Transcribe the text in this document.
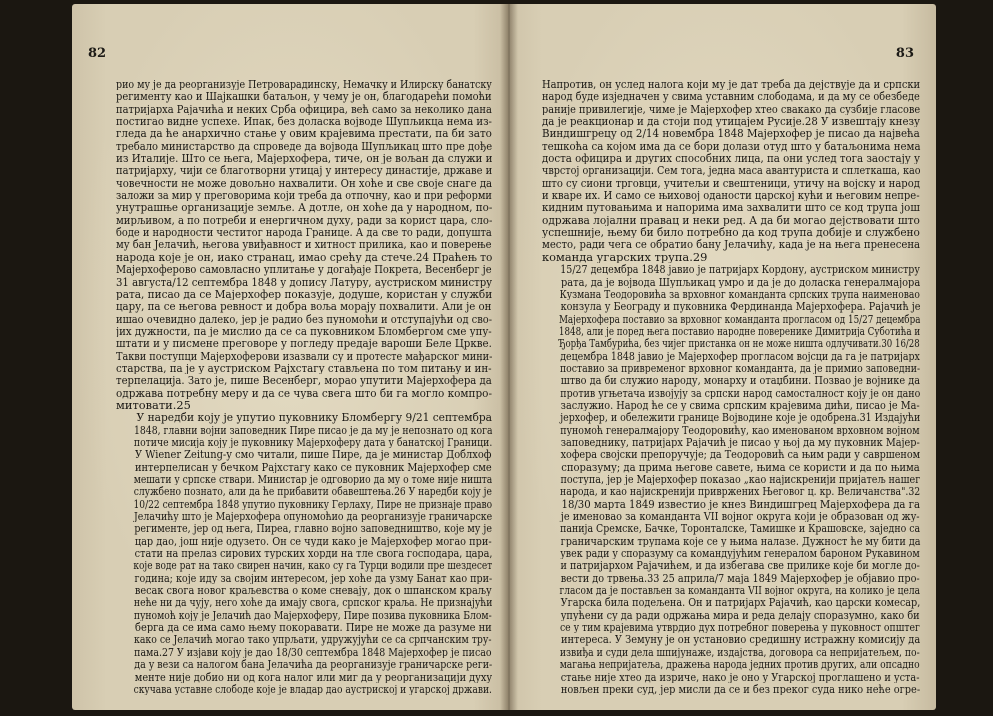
82

рио му је да реорганизује Петроварадинску, Немачку и Илирску банатску
регименту као и Шајкашки батаљон, у чему је он, благодарећи помоћи
патријарха Рајачића и неких Срба официра, већ само за неколико дана
постигао видне успехе. Ипак, без доласка војводе Шупљикца нема из-
гледа да ће анархично стање у овим крајевима престати, па би зато
требало министарство да спроведе да војвода Шупљикац што пре дође
из Италије. Што се њега, Мајерхофера, тиче, он је вољан да служи и
патријарху, чији се благотворни утицај у интересу династије, државе и
човечности не може довољно нахвалити. Он хоће и све своје снаге да
заложи за мир у преговорима који треба да отпочну, као и при реформи
унутрашње организације земље. А дотле, он хоће да у народном, по-
мирљивом, а по потреби и енергичном духу, ради за корист цара, сло-
боде и народности честитог народа Границе. А да све то ради, допушта
му бан Јелачић, његова увиђавност и хитност прилика, као и поверење
народа које је он, иако странац, имао срећу да стече.24 Праћењ то
Мајерхоферово самовласно уплитање у догађаје Покрета, Весенберг је
31 августа/12 септембра 1848 у допису Латуру, аустриском министру
рата, писао да се Мајерхофер показује, додуше, користан у служби
цару, па се његова ревност и добра воља морају похвалити. Али је он
ишао очевидно далеко, јер је радио без пуномоћи и отступајући од сво-
јих дужности, па је мислио да се са пуковником Бломбергом сме упу-
штати и у писмене преговоре у погледу предаје вароши Беле Цркве.
Такви поступци Мајерхоферови изазвали су и протесте мађарског мини-
старства, па је у аустриском Рајхстагу стављена по том питању и ин-
терпелација. Зато је, пише Весенберг, морао упутити Мајерхофера да
одржава потребну меру и да се чува свега што би га могло компро-
митовати.25

У наредби коју је упутио пуковнику Бломбергу 9/21 септембра
1848, главни војни заповедник Пире писао је да му је непознато од кога
потиче мисија коју је пуковнику Мајерхоферу дата у банатској Граници.
У Wiener Zeitung-у смо читали, пише Пире, да је министар Доблхоф
интерпелисан у бечком Рајхстагу како се пуковник Мајерхофер сме
мешати у српске ствари. Министар је одговорио да му о томе није ништа
службено познато, али да ће прибавити обавештења.26 У наредби коју је
10/22 септембра 1848 упутио пуковнику Герлаху, Пире не признаје право
Јелачићу што је Мајерхофера опуномоћио да реорганизује граничарске
регименте, јер од њега, Пиреа, главно војно заповедништво, које му је
цар дао, још није одузето. Он се чуди како је Мајерхофер могао при-
стати на прелаз сирових турских хорди на тле свога господара, цара,
које воде рат на тако свирен начин, како су га Турци водили пре шездесет
година; које иду за својим интересом, јер хоће да узму Банат као при-
весак свога новог краљевства о коме сневају, док о шпанском краљу
неће ни да чују, него хоће да имају свога, српског краља. Не признајући
пуномоћ коју је Јелачић дао Мајерхоферу, Пире позива пуковника Блом-
берга да се има само њему покоравати. Пире не може да разуме ни
како се Јелачић могао тако упрљати, удружујући се са српчанским тру-
пама.27 У изјави коју је дао 18/30 септембра 1848 Мајерхофер је писао
да у вези са налогом бана Јелачића да реорганизује граничарске реги-
менте није добио ни од кога налог или миг да у реорганизацији духу
скучава уставне слободе које је владар дао аустриској и угарској држави.

83

Напротив, он услед налога који му је дат треба да дејствује да и српски
народ буде изједначен у свима уставним слободама, и да му се обезбеде
раније привилегије, чиме је Мајерхофер хтео свакако да сузбије гласове
да је реакционар и да стоји под утицајем Русије.28 У извештају кнезу
Виндишгрецу од 2/14 новембра 1848 Мајерхофер је писао да највећа
тешкоћа са којом има да се бори долази отуд што у батаљонима нема
доста официра и других способних лица, па они услед тога заостају у
чврстој организацији. Сем тога, једна маса авантуриста и сплеткаша, као
што су сиони трговци, учитељи и свештеници, утичу на војску и народ
и кваре их. И само се њиховој оданости царској кући и његовим непре-
кидним путовањима и напорима има захвалити што се код трупа још
одржава лојални правац и неки ред. А да би могао дејствовати што
успешније, њему би било потребно да код трупа добије и службено
место, ради чега се обратио бану Јелачићу, када је на њега пренесена
команда угарских трупа.29

15/27 децембра 1848 јавио је патријарх Кордону, аустриском министру
рата, да је војвода Шупљикац умро и да је до доласка генералмајора
Кузмана Теодоровића за врховног команданта српских трупа наименовао
конзула у Београду и пуковника Фердинанда Мајерхофера. Рајачић је
Мајерхофера поставио за врховног команданта прогласом од 15/27 децембра
1848, али је поред њега поставио народне поверенике Димитрија Суботића и
Ђорђа Тамбурића, без чијег пристанка он не може ништа одлучивати.30 16/28
децембра 1848 јавио је Мајерхофер прогласом војсци да га је патријарх
поставио за привременог врховног команданта, да је примио заповедни-
штво да би служио народу, монарху и отаџбини. Позвао је војнике да
против угњетача извојују за српски народ самосталност коју је он дано
заслужио. Народ ће се у свима српским крајевима дићи, писао је Ма-
јерхофер, и обележити границе Војводине које је одобрена.31 Издајући
пуномоћ генералмајору Теодоровићу, као именованом врховном војном
заповеднику, патријарх Рајачић је писао у њој да му пуковник Мајер-
хофера својски препоручује; да Теодоровић са њим ради у савршеном
споразуму; да прима његове савете, њима се користи и да по њима
поступа, јер је Мајерхофер показао „као најискренији пријатељ нашег
народа, и као најискренији привржених Његовог ц. кр. Величанства".32
18/30 марта 1849 известио је кнез Виндишгрец Мајерхофера да га
је именовао за команданта VII војног округа који је образован од жу-
панија Сремске, Бачке, Торонталске, Тамишке и Крашовске, заједно са
граничарским трупама које се у њима налазе. Дужност ће му бити да
увек ради у споразуму са командујућим генералом бароном Рукавином
и патријархом Рајачићем, и да избегава све прилике које би могле до-
вести до трвења.33 25 априла/7 маја 1849 Мајерхофер је објавио про-
гласом да је постављен за команданта VII војног округа, на колико је цела
Угарска била подељена. Он и патријарх Рајачић, као царски комесар,
упућени су да ради одржања мира и реда делају споразумно, како би
се у тим крајевима утврдио дух потребног поверења у пуковност општег
интереса. У Земуну је он установио средишну истражну комисију да
извиђа и суди дела шпијунаже, издајства, договора са непријатељем, по-
магања непријатеља, дражења народа једних против других, али опсадно
стање није хтео да изриче, нако је оно у Угарској проглашено и уста-
новљен преки суд, јер мисли да се и без преког суда нико неће огре-
